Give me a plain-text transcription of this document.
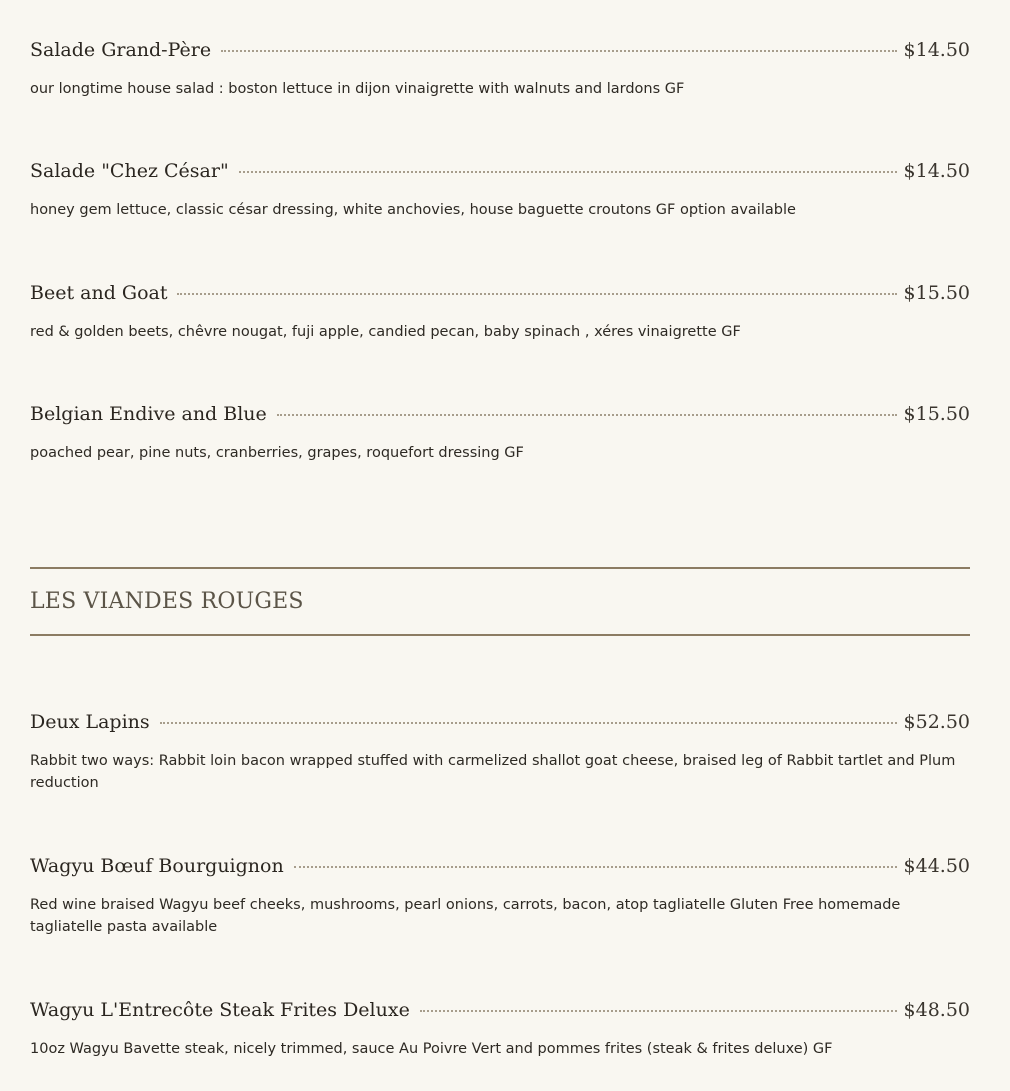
Salade Grand-Père	$14.50
our longtime house salad : boston lettuce in dijon vinaigrette with walnuts and lardons GF
Salade "Chez César"	$14.50
honey gem lettuce, classic césar dressing, white anchovies, house baguette croutons GF option available
Beet and Goat	$15.50
red & golden beets, chêvre nougat, fuji apple, candied pecan, baby spinach , xéres vinaigrette GF
Belgian Endive and Blue	$15.50
poached pear, pine nuts, cranberries, grapes, roquefort dressing GF
LES VIANDES ROUGES
Deux Lapins	$52.50
Rabbit two ways: Rabbit loin bacon wrapped stuffed with carmelized shallot goat cheese, braised leg of Rabbit tartlet and Plum reduction
Wagyu Bœuf Bourguignon	$44.50
Red wine braised Wagyu beef cheeks, mushrooms, pearl onions, carrots, bacon, atop tagliatelle Gluten Free homemade tagliatelle pasta available
Wagyu L'Entrecôte Steak Frites Deluxe	$48.50
10oz Wagyu Bavette steak, nicely trimmed, sauce Au Poivre Vert and pommes frites (steak & frites deluxe) GF
